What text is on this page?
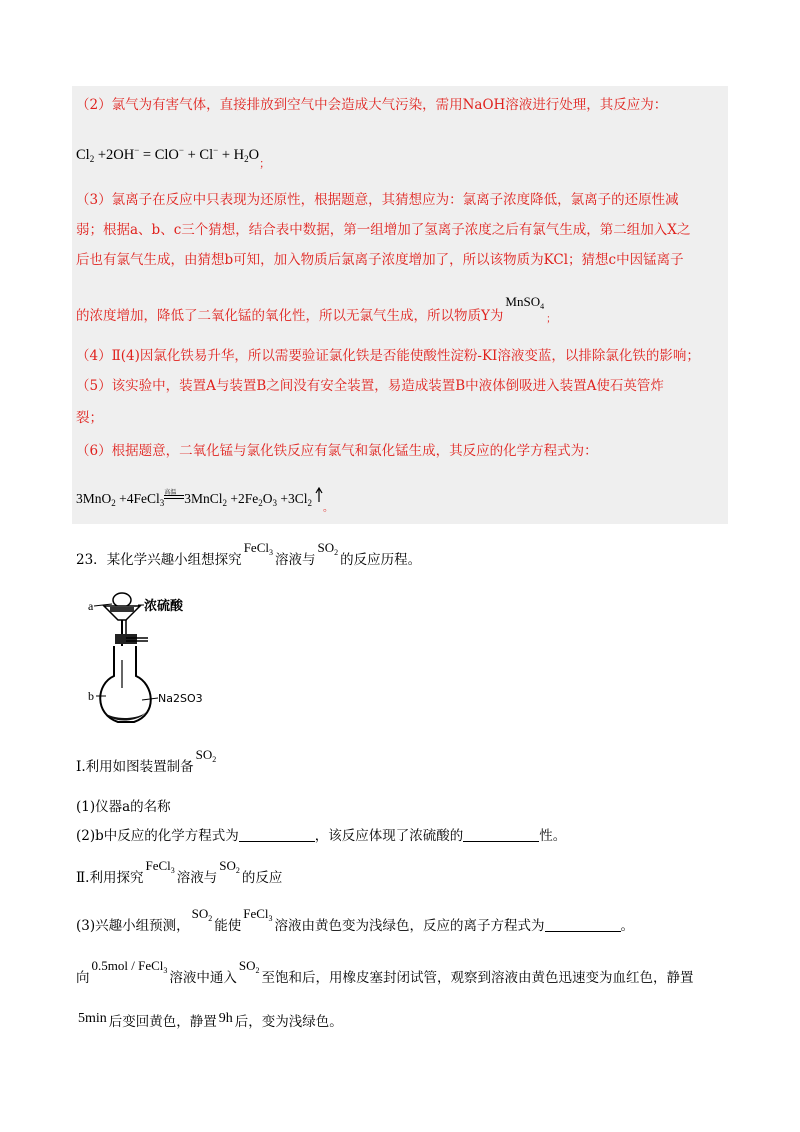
（2）氯气为有害气体，直接排放到空气中会造成大气污染，需用NaOH溶液进行处理，其反应为：
$Cl_2 +2OH^- = ClO^- + Cl^- + H_2O_;$
（3）氯离子在反应中只表现为还原性，根据题意，其猜想应为：氯离子浓度降低，氯离子的还原性减
弱；根据a、b、c三个猜想，结合表中数据，第一组增加了氢离子浓度之后有氯气生成，第二组加入X之
后也有氯气生成，由猜想b可知，加入物质后氯离子浓度增加了，所以该物质为KCl；猜想c中因锰离子
的浓度增加，降低了二氧化锰的氧化性，所以无氯气生成，所以物质Y为MnSO$_4$；
（4）Ⅱ(4)因氯化铁易升华，所以需要验证氯化铁是否能使酸性淀粉-KI溶液变蓝，以排除氯化铁的影响；
（5）该实验中，装置A与装置B之间没有安全装置，易造成装置B中液体倒吸进入装置A使石英管炸
裂；
（6）根据题意，二氧化锰与氯化铁反应有氯气和氯化锰生成，其反应的化学方程式为：
3MnO$_2$ +4FeCl$_3$
高温 3MnCl$_2$ $+2Fe_2O_3 +3Cl_2$ $_。$
23．某化学兴趣小组想探究FeCl$_3$ 溶液与$SO_2$ 的反应历程。
a	浓硫酸
b	Na2SO3
Ⅰ.利用如图装置制备$SO_2$
(1)仪器a的名称
(2)b中反应的化学方程式为	，该反应体现了浓硫酸的	性。
Ⅱ.利用探究FeCl$_3$ 溶液与$SO_2$ 的反应
(3)兴趣小组预测，$SO_2$ 能使FeCl$_3$ 溶液由黄色变为浅绿色，反应的离子方程式为	。
向0.5mol / FeCl$_3$ 溶液中通入$SO_2$ 至饱和后，用橡皮塞封闭试管，观察到溶液由黄色迅速变为血红色，静置
5min 后变回黄色，静置 9h 后，变为浅绿色。
